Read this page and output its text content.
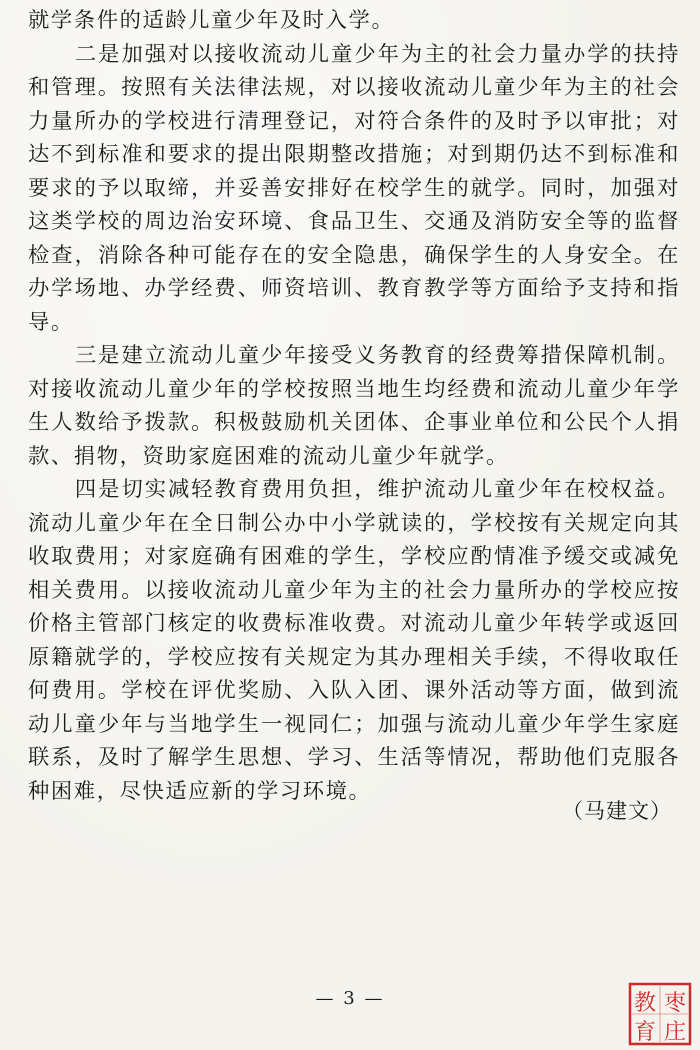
就学条件的适龄儿童少年及时入学。

二是加强对以接收流动儿童少年为主的社会力量办学的扶持和管理。按照有关法律法规，对以接收流动儿童少年为主的社会力量所办的学校进行清理登记，对符合条件的及时予以审批；对达不到标准和要求的提出限期整改措施；对到期仍达不到标准和要求的予以取缔，并妥善安排好在校学生的就学。同时，加强对这类学校的周边治安环境、食品卫生、交通及消防安全等的监督检查，消除各种可能存在的安全隐患，确保学生的人身安全。在办学场地、办学经费、师资培训、教育教学等方面给予支持和指导。

三是建立流动儿童少年接受义务教育的经费筹措保障机制。对接收流动儿童少年的学校按照当地生均经费和流动儿童少年学生人数给予拨款。积极鼓励机关团体、企事业单位和公民个人捐款、捐物，资助家庭困难的流动儿童少年就学。

四是切实减轻教育费用负担，维护流动儿童少年在校权益。流动儿童少年在全日制公办中小学就读的，学校按有关规定向其收取费用；对家庭确有困难的学生，学校应酌情准予缓交或减免相关费用。以接收流动儿童少年为主的社会力量所办的学校应按价格主管部门核定的收费标准收费。对流动儿童少年转学或返回原籍就学的，学校应按有关规定为其办理相关手续，不得收取任何费用。学校在评优奖励、入队入团、课外活动等方面，做到流动儿童少年与当地学生一视同仁；加强与流动儿童少年学生家庭联系，及时了解学生思想、学习、生活等情况，帮助他们克服各种困难，尽快适应新的学习环境。

（马建文）
— 3 —	教 枣
育 庄
